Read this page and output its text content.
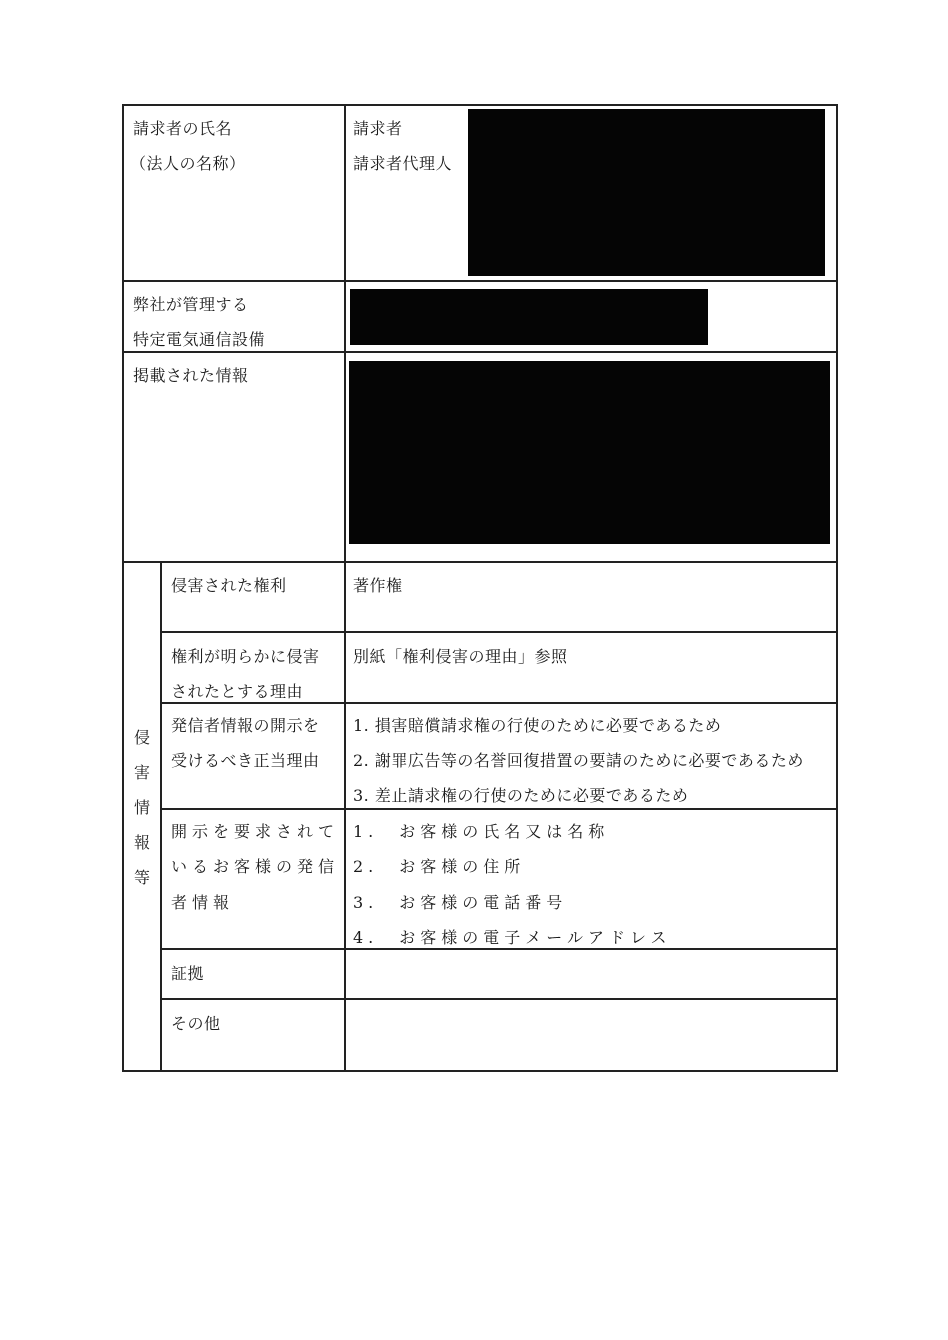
請求者の氏名
（法人の名称）
請求者
請求者代理人
弊社が管理する
特定電気通信設備
掲載された情報
侵
害
情
報
等
侵害された権利	著作権
権利が明らかに侵害
されたとする理由
別紙「権利侵害の理由」参照
発信者情報の開示を
受けるべき正当理由
1. 損害賠償請求権の行使のために必要であるため
2. 謝罪広告等の名誉回復措置の要請のために必要であるため
3. 差止請求権の行使のために必要であるため
開示を要求されて
いるお客様の発信
者情報
1.　お客様の氏名又は名称
2.　お客様の住所
3.　お客様の電話番号
4.　お客様の電子メールアドレス
証拠
その他
